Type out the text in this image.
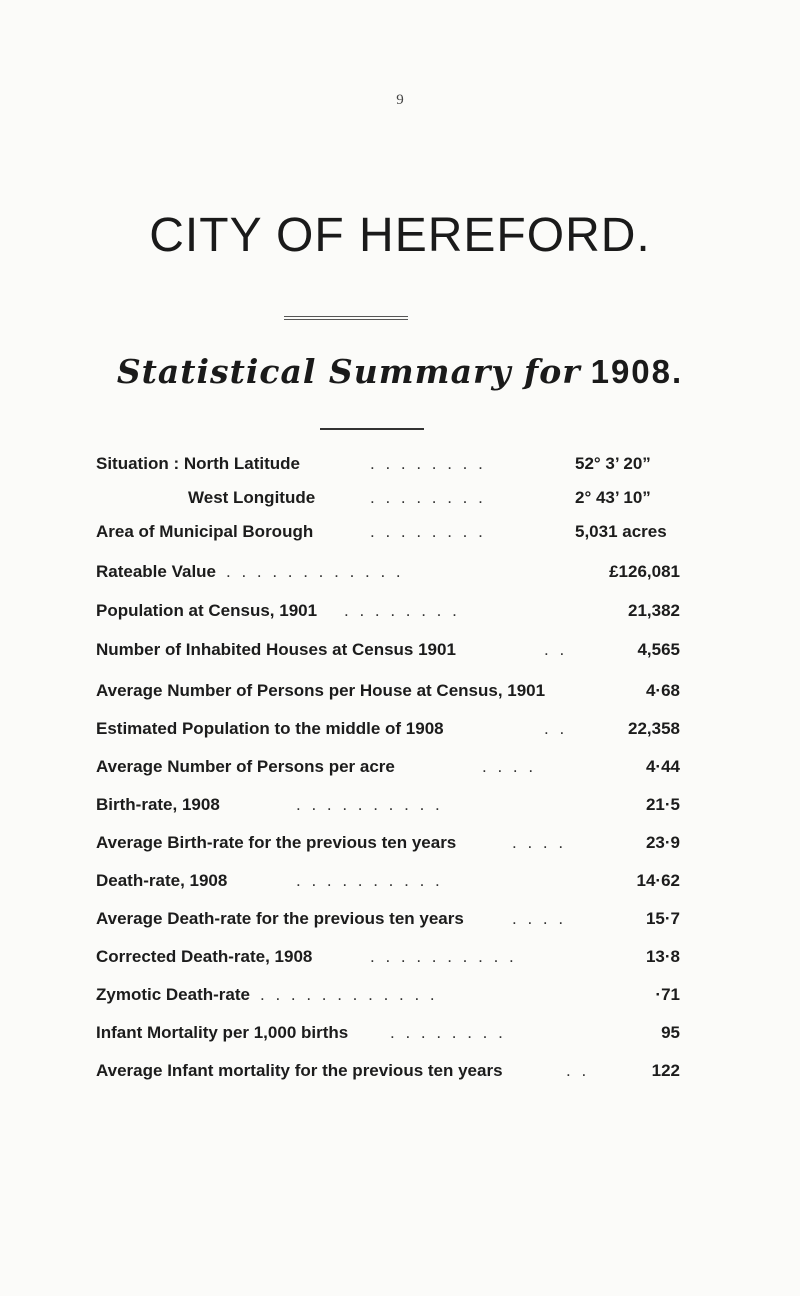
9
CITY OF HEREFORD.
Statistical Summary for 1908.
Situation : North Latitude	. . . . . . . .	52° 3’ 20”
West Longitude	. . . . . . . .	2° 43’ 10”
Area of Municipal Borough	. . . . . . . .	5,031 acres
Rateable Value . . . . . . . . . . . .	£126,081
Population at Census, 1901 . . . . . . . .	21,382
Number of Inhabited Houses at Census 1901	. .	4,565
Average Number of Persons per House at Census, 1901	4·68
Estimated Population to the middle of 1908	. .	22,358
Average Number of Persons per acre	. . . .	4·44
Birth-rate, 1908	. . . . . . . . . .	21·5
Average Birth-rate for the previous ten years	. . . .	23·9
Death-rate, 1908	. . . . . . . . . .	14·62
Average Death-rate for the previous ten years	. . . .	15·7
Corrected Death-rate, 1908	. . . . . . . . . .	13·8
Zymotic Death-rate . . . . . . . . . . . .	·71
Infant Mortality per 1,000 births . . . . . . . .	95
Average Infant mortality for the previous ten years	. .	122
